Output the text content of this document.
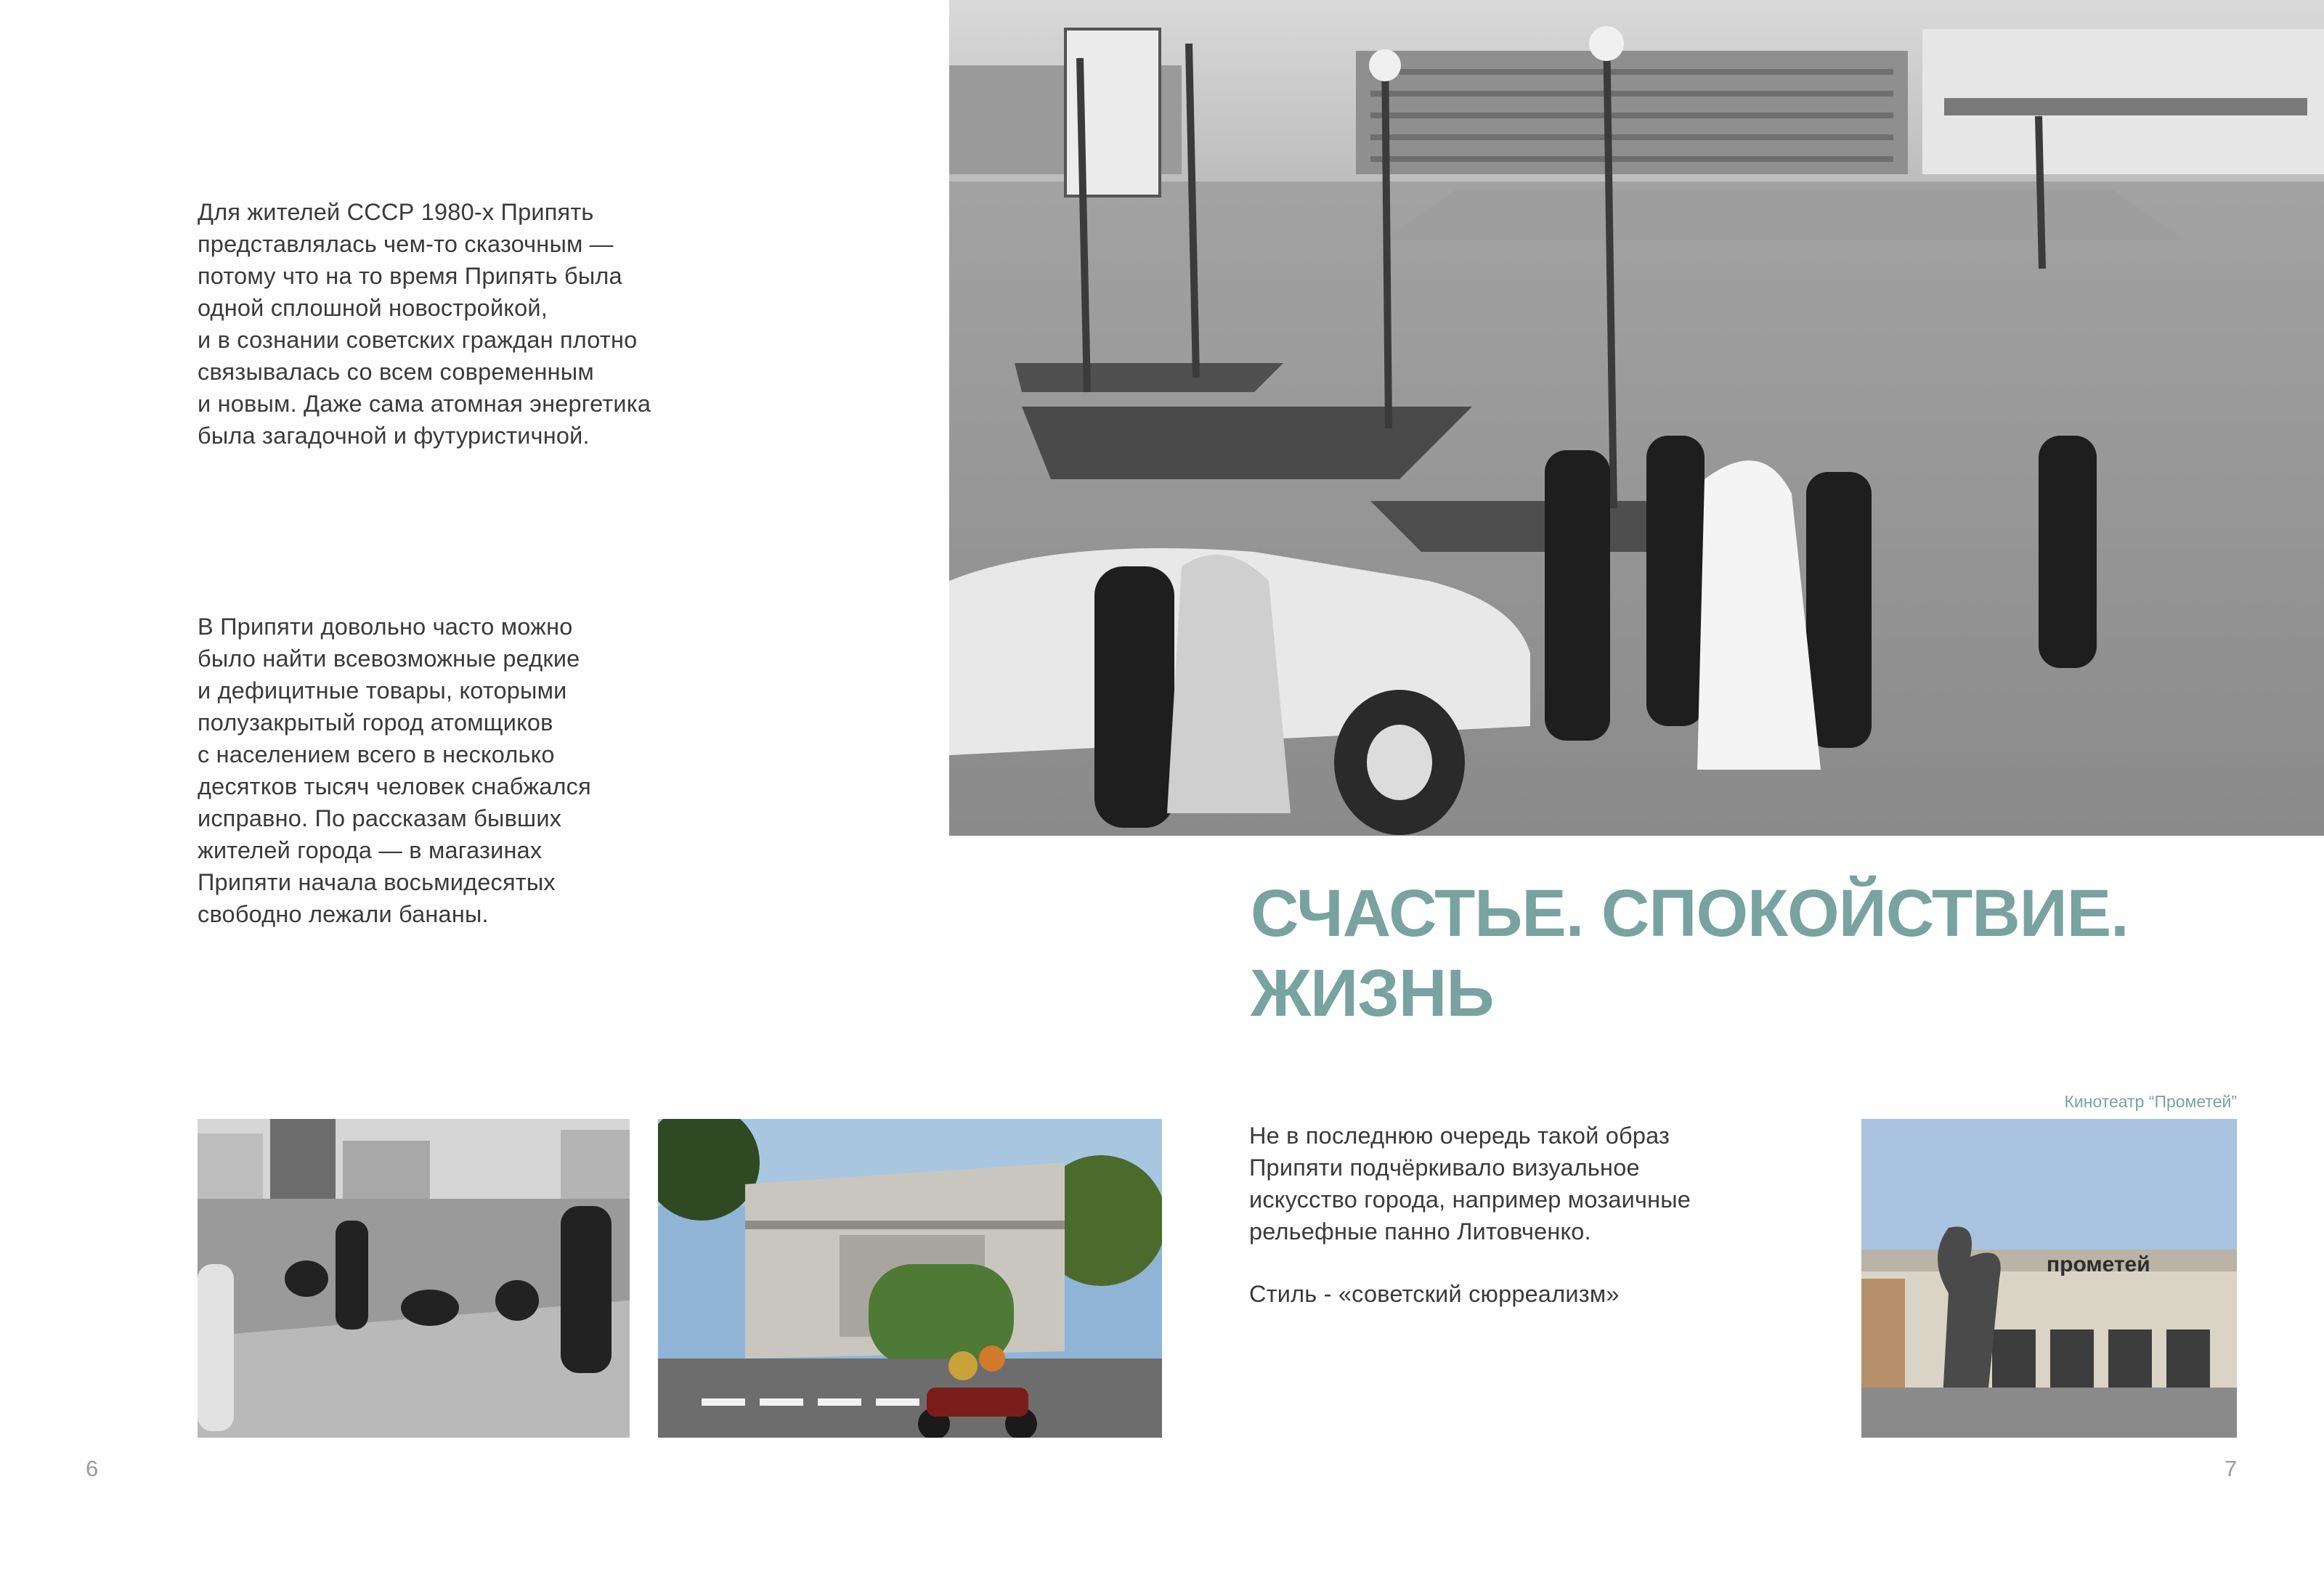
Для жителей СССР 1980-х Припять
представлялась чем-то сказочным —
потому что на то время Припять была
одной сплошной новостройкой,
и в сознании советских граждан плотно
связывалась со всем современным
и новым. Даже сама атомная энергетика
была загадочной и футуристичной.
В Припяти довольно часто можно
было найти всевозможные редкие
и дефицитные товары, которыми
полузакрытый город атомщиков
с населением всего в несколько
десятков тысяч человек снабжался
исправно. По рассказам бывших
жителей города — в магазинах
Припяти начала восьмидесятых
свободно лежали бананы.	СЧАСТЬЕ. СПОКОЙСТВИЕ.
ЖИЗНЬ
Не в последнюю очередь такой образ
Припяти подчёркивало визуальное
искусство города, например мозаичные
рельефные панно Литовченко.
Стиль - «советский сюрреализм»
Кинотеатр “Прометей”
прометей
6	7
